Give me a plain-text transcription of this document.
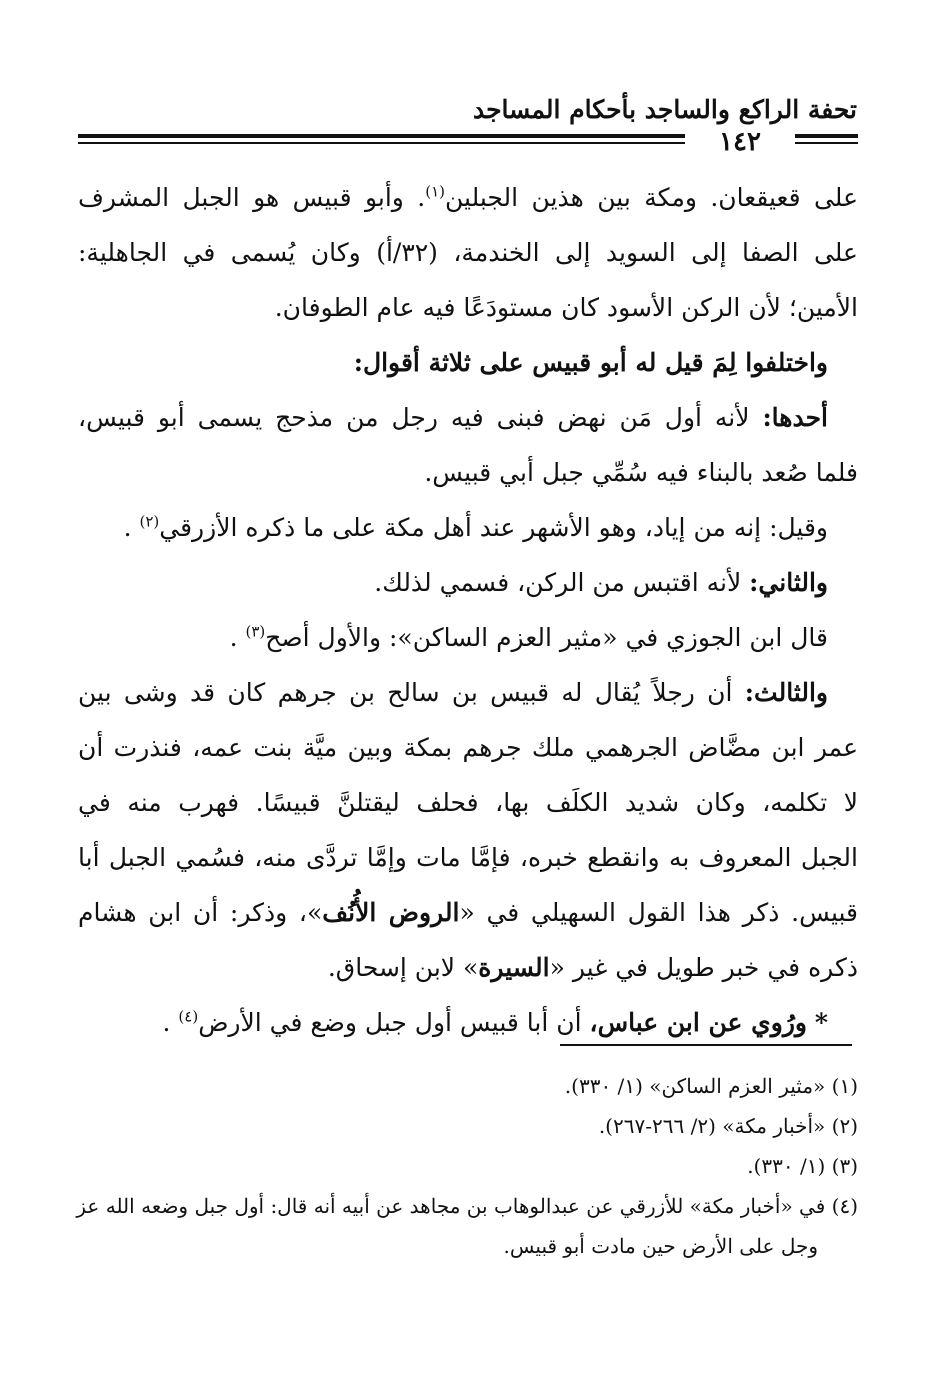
تحفة الراكع والساجد بأحكام المساجد
١٤٢
على قعيقعان. ومكة بين هذين الجبلين$^{(١)}$. وأبو قبيس هو الجبل المشرف
على الصفا إلى السويد إلى الخندمة، (٣٢/أ) وكان يُسمى في الجاهلية:
الأمين؛ لأن الركن الأسود كان مستودَعًا فيه عام الطوفان.
واختلفوا لِمَ قيل له أبو قبيس على ثلاثة أقوال:
أحدها: لأنه أول مَن نهض فبنى فيه رجل من مذحج يسمى أبو قبيس،
فلما صُعد بالبناء فيه سُمِّي جبل أبي قبيس.
وقيل: إنه من إياد، وهو الأشهر عند أهل مكة على ما ذكره الأزرقي$^{(٢)}$ .
والثاني: لأنه اقتبس من الركن، فسمي لذلك.
قال ابن الجوزي في «مثير العزم الساكن»: والأول أصح$^{(٣)}$ .
والثالث: أن رجلاً يُقال له قبيس بن سالح بن جرهم كان قد وشى بين
عمر ابن مضَّاض الجرهمي ملك جرهم بمكة وبين ميَّة بنت عمه، فنذرت أن
لا تكلمه، وكان شديد الكلَف بها، فحلف ليقتلنَّ قبيسًا. فهرب منه في
الجبل المعروف به وانقطع خبره، فإمَّا مات وإمَّا تردَّى منه، فسُمي الجبل أبا
قبيس. ذكر هذا القول السهيلي في «الروض الأُنُف»، وذكر: أن ابن هشام
ذكره في خبر طويل في غير «السيرة» لابن إسحاق.
* ورُوي عن ابن عباس، أن أبا قبيس أول جبل وضع في الأرض$^{(٤)}$ .
(١) «مثير العزم الساكن» (١/ ٣٣٠).
(٢) «أخبار مكة» (٢/ ٢٦٦-٢٦٧).
(٣) (١/ ٣٣٠).
(٤) في «أخبار مكة» للأزرقي عن عبدالوهاب بن مجاهد عن أبيه أنه قال: أول جبل وضعه الله عز
وجل على الأرض حين مادت أبو قبيس.
